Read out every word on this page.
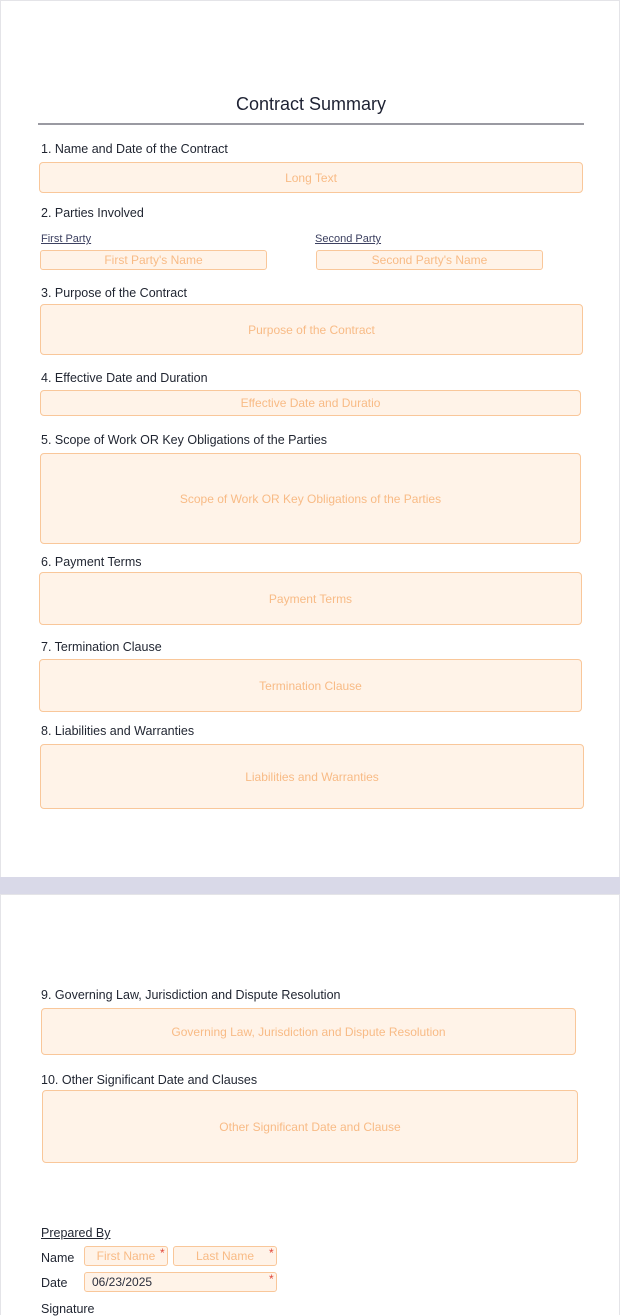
Contract Summary
1. Name and Date of the Contract
Long Text
2. Parties Involved
First Party
First Party's Name
Second Party
Second Party's Name
3. Purpose of the Contract
Purpose of the Contract
4. Effective Date and Duration
Effective Date and Duratio
5. Scope of Work OR Key Obligations of the Parties
Scope of Work OR Key Obligations of the Parties
6. Payment Terms
Payment Terms
7. Termination Clause
Termination Clause
8. Liabilities and Warranties
Liabilities and Warranties
9. Governing Law, Jurisdiction and Dispute Resolution
Governing Law, Jurisdiction and Dispute Resolution
10. Other Significant Date and Clauses
Other Significant Date and Clause
Prepared By
Name	First Name *	Last Name	*
Date	06/23/2025	*
Signature
